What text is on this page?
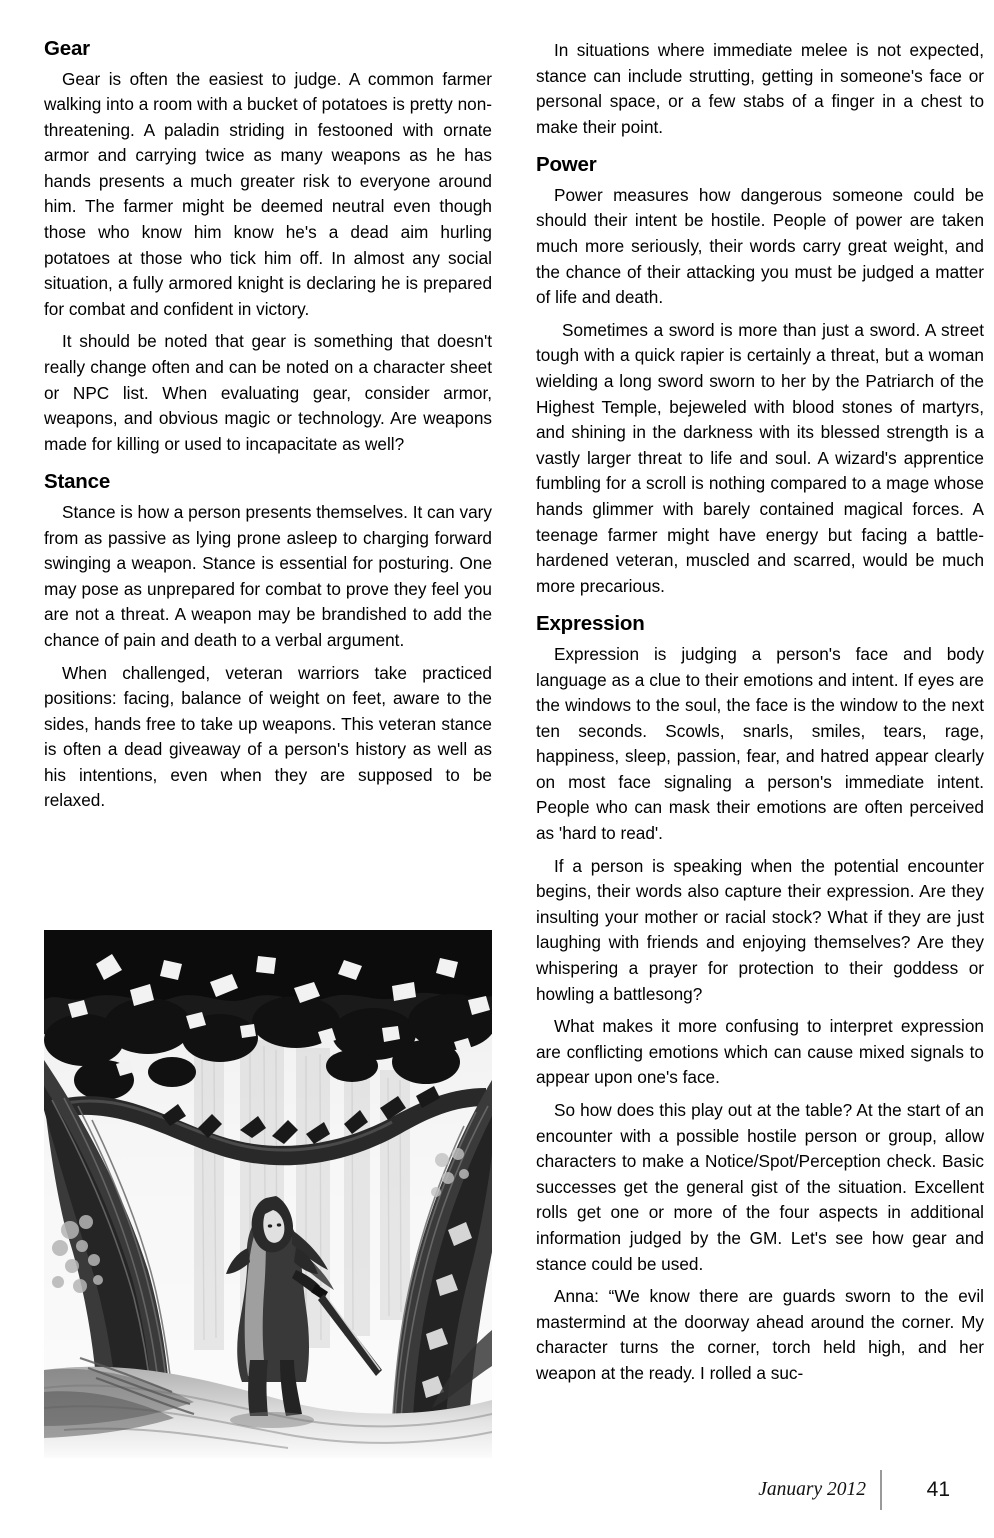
Gear

Gear is often the easiest to judge. A common farmer walking into a room with a bucket of potatoes is pretty non-threatening. A paladin striding in festooned with ornate armor and carrying twice as many weapons as he has hands presents a much greater risk to everyone around him. The farmer might be deemed neutral even though those who know him know he's a dead aim hurling potatoes at those who tick him off. In almost any social situation, a fully armored knight is declaring he is prepared for combat and confident in victory.

It should be noted that gear is something that doesn't really change often and can be noted on a character sheet or NPC list. When evaluating gear, consider armor, weapons, and obvious magic or technology. Are weapons made for killing or used to incapacitate as well?

Stance

Stance is how a person presents themselves. It can vary from as passive as lying prone asleep to charging forward swinging a weapon. Stance is essential for posturing. One may pose as unprepared for combat to prove they feel you are not a threat. A weapon may be brandished to add the chance of pain and death to a verbal argument.

When challenged, veteran warriors take practiced positions: facing, balance of weight on feet, aware to the sides, hands free to take up weapons. This veteran stance is often a dead giveaway of a person's history as well as his intentions, even when they are supposed to be relaxed.

In situations where immediate melee is not expected, stance can include strutting, getting in someone's face or personal space, or a few stabs of a finger in a chest to make their point.

Power

Power measures how dangerous someone could be should their intent be hostile. People of power are taken much more seriously, their words carry great weight, and the chance of their attacking you must be judged a matter of life and death.

Sometimes a sword is more than just a sword. A street tough with a quick rapier is certainly a threat, but a woman wielding a long sword sworn to her by the Patriarch of the Highest Temple, bejeweled with blood stones of martyrs, and shining in the darkness with its blessed strength is a vastly larger threat to life and soul. A wizard's apprentice fumbling for a scroll is nothing compared to a mage whose hands glimmer with barely contained magical forces. A teenage farmer might have energy but facing a battle-hardened veteran, muscled and scarred, would be much more precarious.

Expression

Expression is judging a person's face and body language as a clue to their emotions and intent. If eyes are the windows to the soul, the face is the window to the next ten seconds. Scowls, snarls, smiles, tears, rage, happiness, sleep, passion, fear, and hatred appear clearly on most face signaling a person's immediate intent. People who can mask their emotions are often perceived as 'hard to read'.

If a person is speaking when the potential encounter begins, their words also capture their expression. Are they insulting your mother or racial stock? What if they are just laughing with friends and enjoying themselves? Are they whispering a prayer for protection to their goddess or howling a battlesong?

What makes it more confusing to interpret expression are conflicting emotions which can cause mixed signals to appear upon one's face.

So how does this play out at the table? At the start of an encounter with a possible hostile person or group, allow characters to make a Notice/Spot/Perception check. Basic successes get the general gist of the situation. Excellent rolls get one or more of the four aspects in additional information judged by the GM. Let's see how gear and stance could be used.

Anna: “We know there are guards sworn to the evil mastermind at the doorway ahead around the corner. My character turns the corner, torch held high, and her weapon at the ready. I rolled a suc-

January 2012	41
